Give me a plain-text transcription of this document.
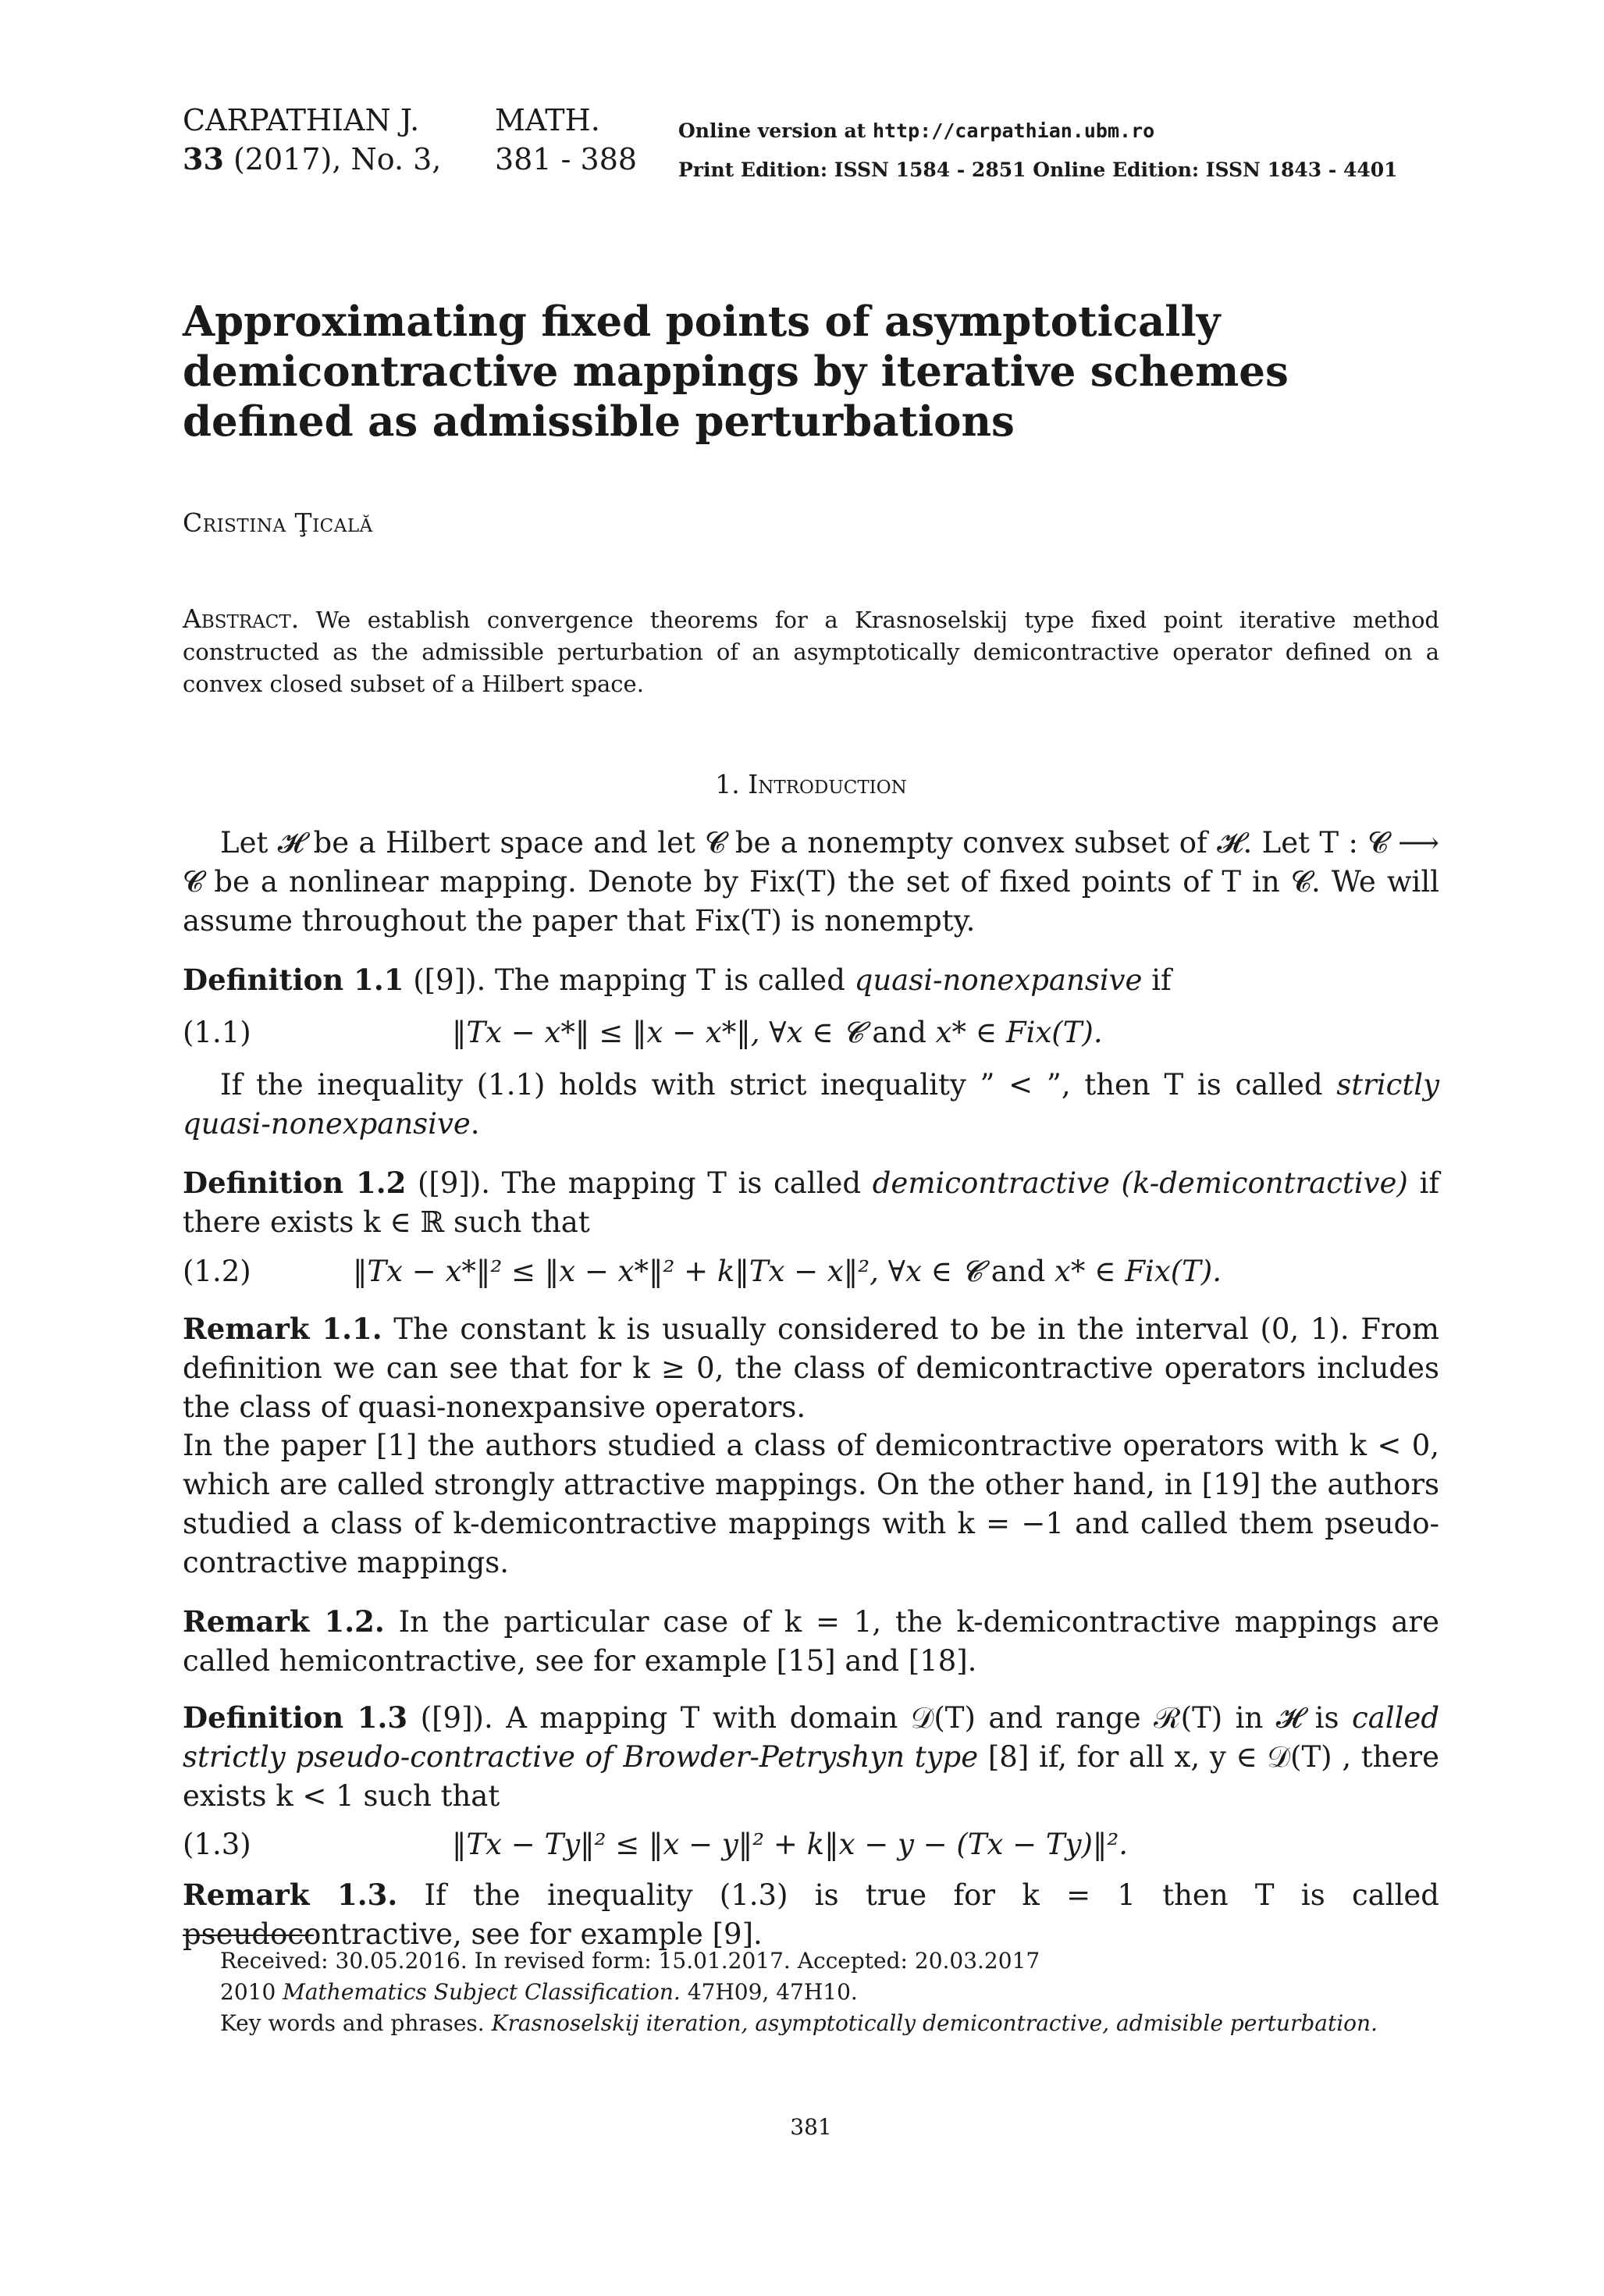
CARPATHIAN J.	MATH.
33 (2017), No. 3, 381 - 388
Online version at http://carpathian.ubm.ro
Print Edition: ISSN 1584 - 2851 Online Edition: ISSN 1843 - 4401
Approximating fixed points of asymptotically demicontractive mappings by iterative schemes defined as admissible perturbations
Cristina Ţicală
Abstract. We establish convergence theorems for a Krasnoselskij type fixed point iterative method constructed as the admissible perturbation of an asymptotically demicontractive operator defined on a convex closed subset of a Hilbert space.
1. Introduction
Let 𝓗 be a Hilbert space and let 𝓒 be a nonempty convex subset of 𝓗. Let T : 𝓒 ⟶ 𝓒 be a nonlinear mapping. Denote by Fix(T) the set of fixed points of T in 𝓒. We will assume throughout the paper that Fix(T) is nonempty.
Definition 1.1 ([9]). The mapping T is called quasi-nonexpansive if
(1.1)	‖Tx − x*‖ ≤ ‖x − x*‖, ∀x ∈ 𝓒 and x* ∈ Fix(T).
If the inequality (1.1) holds with strict inequality ” < ”, then T is called strictly quasi-nonexpansive.
Definition 1.2 ([9]). The mapping T is called demicontractive (k-demicontractive) if there exists k ∈ ℝ such that
(1.2)	‖Tx − x*‖² ≤ ‖x − x*‖² + k‖Tx − x‖², ∀x ∈ 𝓒 and x* ∈ Fix(T).
Remark 1.1. The constant k is usually considered to be in the interval (0, 1). From definition we can see that for k ≥ 0, the class of demicontractive operators includes the class of quasi-nonexpansive operators.
In the paper [1] the authors studied a class of demicontractive operators with k < 0, which are called strongly attractive mappings. On the other hand, in [19] the authors studied a class of k-demicontractive mappings with k = −1 and called them pseudo-contractive mappings.
Remark 1.2. In the particular case of k = 1, the k-demicontractive mappings are called hemicontractive, see for example [15] and [18].
Definition 1.3 ([9]). A mapping T with domain 𝒟(T) and range ℛ(T) in 𝓗 is called strictly pseudo-contractive of Browder-Petryshyn type [8] if, for all x, y ∈ 𝒟(T) , there exists k < 1 such that
(1.3)	‖Tx − Ty‖² ≤ ‖x − y‖² + k‖x − y − (Tx − Ty)‖².
Remark 1.3. If the inequality (1.3) is true for k = 1 then T is called pseudocontractive, see for example [9].
Received: 30.05.2016. In revised form: 15.01.2017. Accepted: 20.03.2017
2010 Mathematics Subject Classification. 47H09, 47H10.
Key words and phrases. Krasnoselskij iteration, asymptotically demicontractive, admisible perturbation.
381
